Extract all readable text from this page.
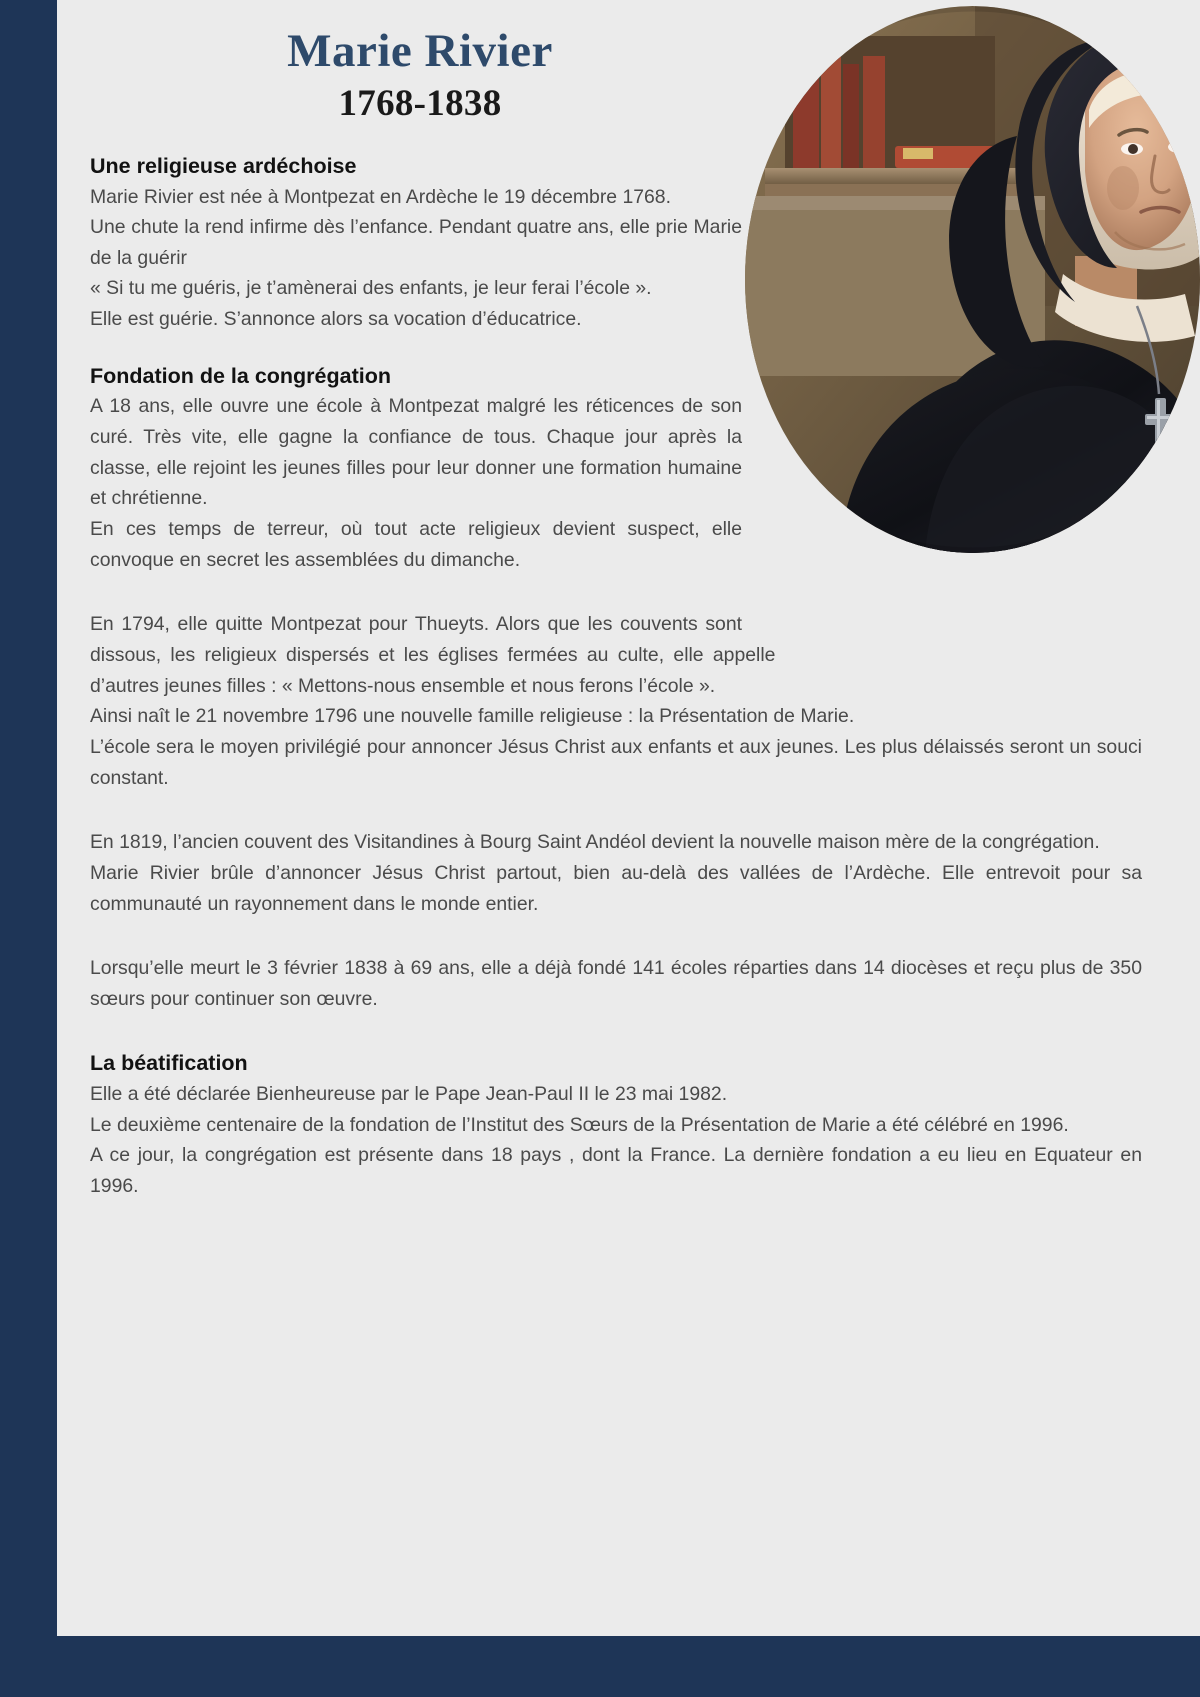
Marie Rivier
1768-1838
Une religieuse ardéchoise

Marie Rivier est née à Montpezat en Ardèche le 19 décembre 1768.

Une chute la rend infirme dès l’enfance. Pendant quatre ans, elle prie Marie de la guérir

« Si tu me guéris, je t’amènerai des enfants, je leur ferai l’école ».

Elle est guérie. S’annonce alors sa vocation d’éducatrice.

Fondation de la congrégation

A 18 ans, elle ouvre une école à Montpezat malgré les réticences de son curé. Très vite, elle gagne la confiance de tous. Chaque jour après la classe, elle rejoint les jeunes filles pour leur donner une formation humaine et chrétienne.

En ces temps de terreur, où tout acte religieux devient suspect, elle convoque en secret les assemblées du dimanche.

En 1794, elle quitte Montpezat pour Thueyts. Alors que les couvents sont dissous, les religieux dispersés et les églises fermées au culte, elle appelle d’autres jeunes filles : « Mettons-nous ensemble et nous ferons l’école ».

Ainsi naît le 21 novembre 1796 une nouvelle famille religieuse : la Présentation de Marie.

L’école sera le moyen privilégié pour annoncer Jésus Christ aux enfants et aux jeunes. Les plus délaissés seront un souci constant.

En 1819, l’ancien couvent des Visitandines à Bourg Saint Andéol devient la nouvelle maison mère de la congrégation.

Marie Rivier brûle d’annoncer Jésus Christ partout, bien au-delà des vallées de l’Ardèche. Elle entrevoit pour sa communauté un rayonnement dans le monde entier.

Lorsqu’elle meurt le 3 février 1838 à 69 ans, elle a déjà fondé 141 écoles réparties dans 14 diocèses et reçu plus de 350 sœurs pour continuer son œuvre.

La béatification

Elle a été déclarée Bienheureuse par le Pape Jean-Paul II le 23 mai 1982.

Le deuxième centenaire de la fondation de l’Institut des Sœurs de la Présentation de Marie a été célébré en 1996.

A ce jour, la congrégation est présente dans 18 pays , dont la France. La dernière fondation a eu lieu en Equateur en 1996.
